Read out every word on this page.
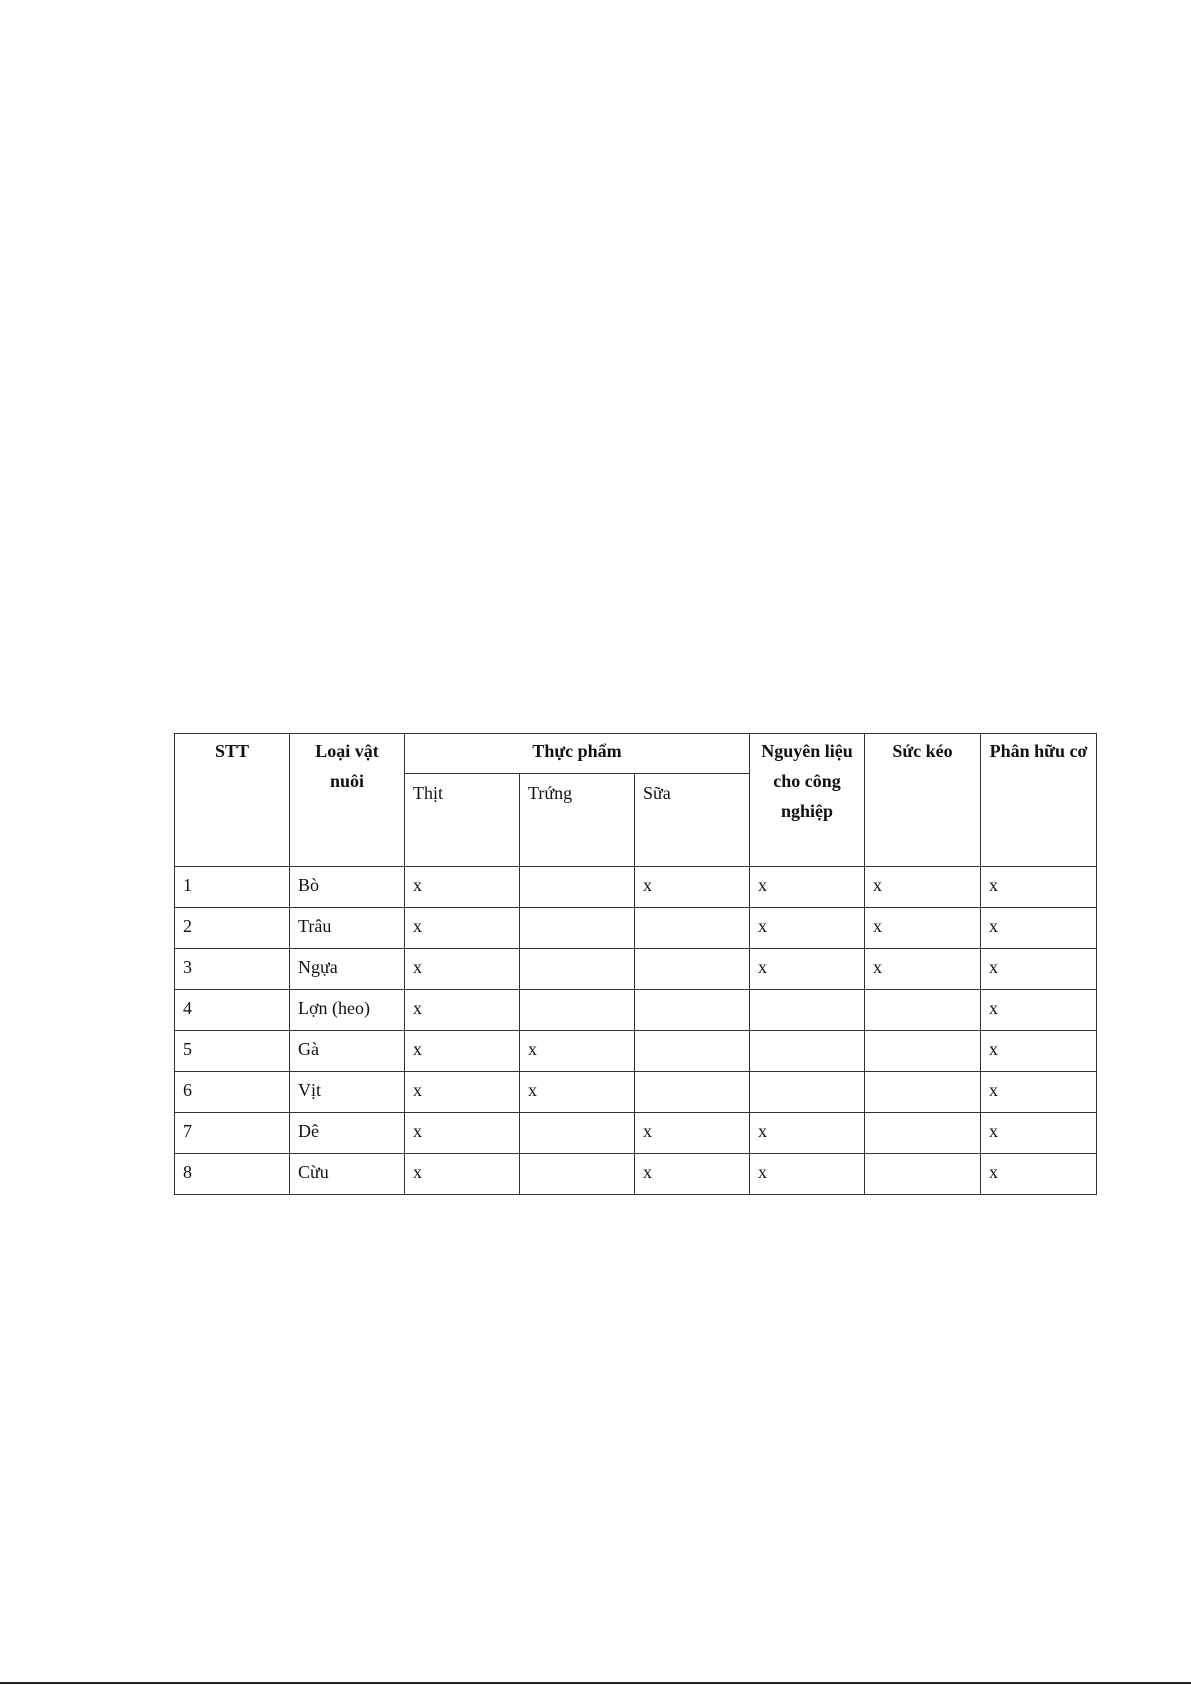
STT	Loại vật nuôi	Thực phẩm			Nguyên liệu cho công nghiệp	Sức kéo	Phân hữu cơ
		Thịt	Trứng	Sữa			
1	Bò	x		x	x	x	x
2	Trâu	x			x	x	x
3	Ngựa	x			x	x	x
4	Lợn (heo)	x					x
5	Gà	x	x				x
6	Vịt	x	x				x
7	Dê	x		x	x		x
8	Cừu	x		x	x		x
